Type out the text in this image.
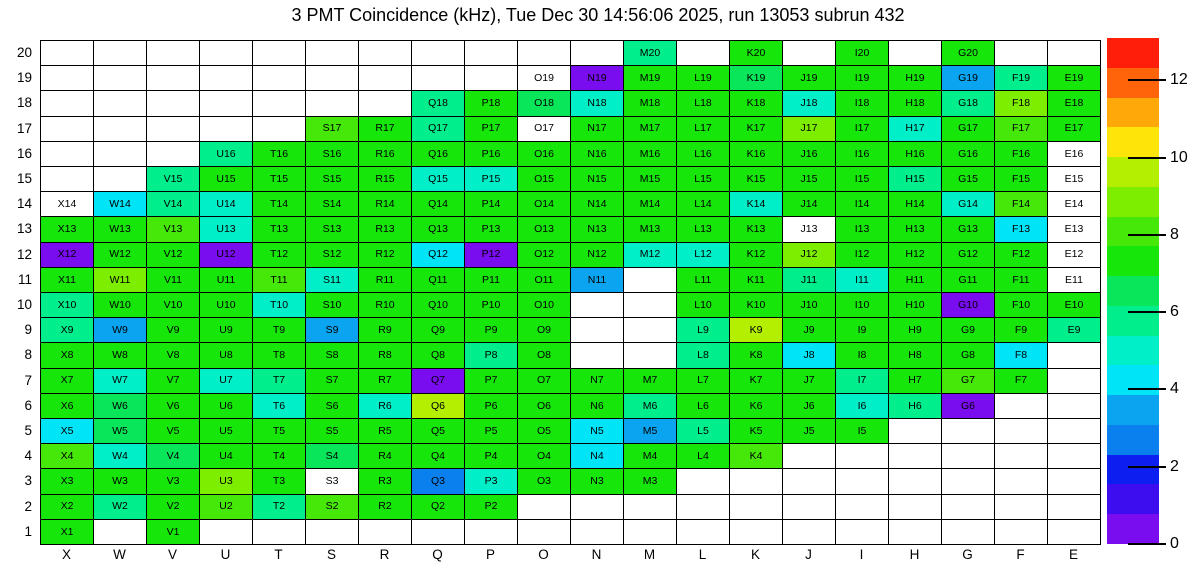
3 PMT Coincidence (kHz), Tue Dec 30 14:56:06 2025, run 13053 subrun 432
M20	K20	I20	G20
O19	N19	M19	L19	K19	J19	I19	H19	G19	F19	E19
Q18	P18	O18	N18	M18	L18	K18	J18	I18	H18	G18	F18	E18
S17	R17	Q17	P17	O17	N17	M17	L17	K17	J17	I17	H17	G17	F17	E17
U16	T16	S16	R16	Q16	P16	O16	N16	M16	L16	K16	J16	I16	H16	G16	F16	E16
V15	U15	T15	S15	R15	Q15	P15	O15	N15	M15	L15	K15	J15	I15	H15	G15	F15	E15
X14	W14	V14	U14	T14	S14	R14	Q14	P14	O14	N14	M14	L14	K14	J14	I14	H14	G14	F14	E14
X13	W13	V13	U13	T13	S13	R13	Q13	P13	O13	N13	M13	L13	K13	J13	I13	H13	G13	F13	E13
X12	W12	V12	U12	T12	S12	R12	Q12	P12	O12	N12	M12	L12	K12	J12	I12	H12	G12	F12	E12
X11	W11	V11	U11	T11	S11	R11	Q11	P11	O11	N11	L11	K11	J11	I11	H11	G11	F11	E11
X10	W10	V10	U10	T10	S10	R10	Q10	P10	O10	L10	K10	J10	I10	H10	G10	F10	E10
X9	W9	V9	U9	T9	S9	R9	Q9	P9	O9	L9	K9	J9	I9	H9	G9	F9	E9
X8	W8	V8	U8	T8	S8	R8	Q8	P8	O8	L8	K8	J8	I8	H8	G8	F8
X7	W7	V7	U7	T7	S7	R7	Q7	P7	O7	N7	M7	L7	K7	J7	I7	H7	G7	F7
X6	W6	V6	U6	T6	S6	R6	Q6	P6	O6	N6	M6	L6	K6	J6	I6	H6	G6
X5	W5	V5	U5	T5	S5	R5	Q5	P5	O5	N5	M5	L5	K5	J5	I5
X4	W4	V4	U4	T4	S4	R4	Q4	P4	O4	N4	M4	L4	K4
X3	W3	V3	U3	T3	S3	R3	Q3	P3	O3	N3	M3
X2	W2	V2	U2	T2	S2	R2	Q2	P2
X1	V1
20
19
18
17
16
15
14
13
12
11
10
9
8
7
6
5
4
3
2
1
X	W	V	U	T	S	R	Q	P	O	N	M	L	K	J	I	H	G	F	E
0
2
4
6
8
10
12
